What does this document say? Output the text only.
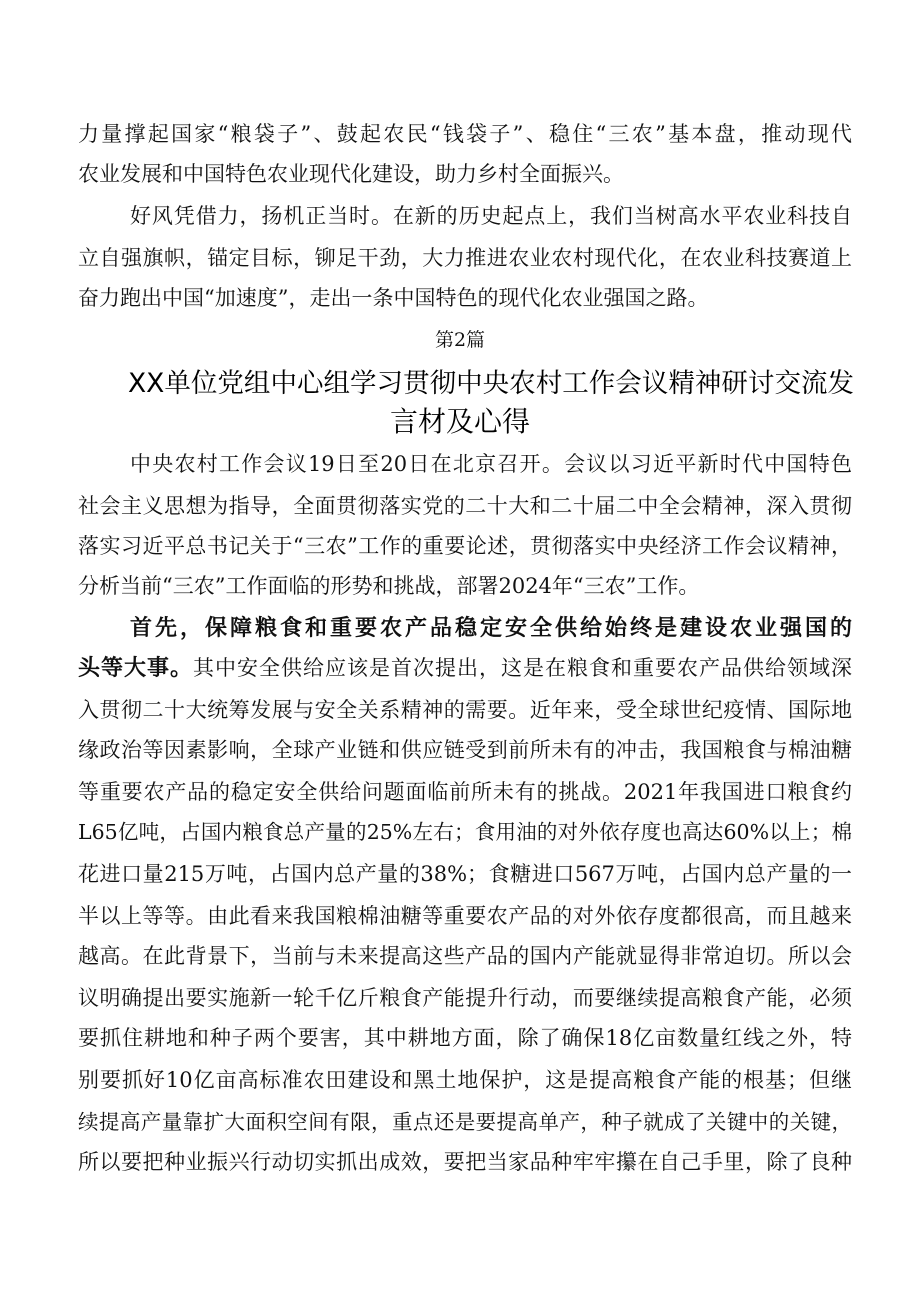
力量撑起国家“粮袋子”、鼓起农民“钱袋子”、稳住“三农”基本盘，推动现代
农业发展和中国特色农业现代化建设，助力乡村全面振兴。
好风凭借力，扬机正当时。在新的历史起点上，我们当树高水平农业科技自
立自强旗帜，锚定目标，铆足干劲，大力推进农业农村现代化，在农业科技赛道上
奋力跑出中国“加速度”，走出一条中国特色的现代化农业强国之路。
第2篇
XX单位党组中心组学习贯彻中央农村工作会议精神研讨交流发
言材及心得
中央农村工作会议19日至20日在北京召开。会议以习近平新时代中国特色
社会主义思想为指导，全面贯彻落实党的二十大和二十届二中全会精神，深入贯彻
落实习近平总书记关于“三农”工作的重要论述，贯彻落实中央经济工作会议精神，
分析当前“三农”工作面临的形势和挑战，部署2024年“三农”工作。
首先，保障粮食和重要农产品稳定安全供给始终是建设农业强国的
头等大事。其中安全供给应该是首次提出，这是在粮食和重要农产品供给领域深
入贯彻二十大统筹发展与安全关系精神的需要。近年来，受全球世纪疫情、国际地
缘政治等因素影响，全球产业链和供应链受到前所未有的冲击，我国粮食与棉油糖
等重要农产品的稳定安全供给问题面临前所未有的挑战。2021年我国进口粮食约
L65亿吨，占国内粮食总产量的25%左右；食用油的对外依存度也高达60%以上；棉
花进口量215万吨，占国内总产量的38%；食糖进口567万吨，占国内总产量的一
半以上等等。由此看来我国粮棉油糖等重要农产品的对外依存度都很高，而且越来
越高。在此背景下，当前与未来提高这些产品的国内产能就显得非常迫切。所以会
议明确提出要实施新一轮千亿斤粮食产能提升行动，而要继续提高粮食产能，必须
要抓住耕地和种子两个要害，其中耕地方面，除了确保18亿亩数量红线之外，特
别要抓好10亿亩高标准农田建设和黑土地保护，这是提高粮食产能的根基；但继
续提高产量靠扩大面积空间有限，重点还是要提高单产，种子就成了关键中的关键，
所以要把种业振兴行动切实抓出成效，要把当家品种牢牢攥在自己手里，除了良种
